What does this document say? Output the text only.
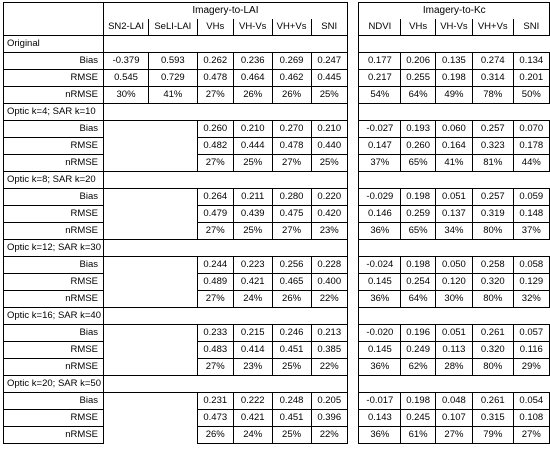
	Imagery-to-LAI							Imagery-to-Kc				
	SN2-LAI	SeLI-LAI	VHs	VH-Vs	VH+Vs	SNI		NDVI	VHs	VH-Vs	VH+Vs	SNI
Original												
Bias	-0.379	0.593	0.262	0.236	0.269	0.247		0.177	0.206	0.135	0.274	0.134
RMSE	0.545	0.729	0.478	0.464	0.462	0.445		0.217	0.255	0.198	0.314	0.201
nRMSE	30%	41%	27%	26%	26%	25%		54%	64%	49%	78%	50%
Optic k=4; SAR k=10												
Bias			0.260	0.210	0.270	0.210		-0.027	0.193	0.060	0.257	0.070
RMSE			0.482	0.444	0.478	0.440		0.147	0.260	0.164	0.323	0.178
nRMSE			27%	25%	27%	25%		37%	65%	41%	81%	44%
Optic k=8; SAR k=20												
Bias			0.264	0.211	0.280	0.220		-0.029	0.198	0.051	0.257	0.059
RMSE			0.479	0.439	0.475	0.420		0.146	0.259	0.137	0.319	0.148
nRMSE			27%	25%	27%	23%		36%	65%	34%	80%	37%
Optic k=12; SAR k=30												
Bias			0.244	0.223	0.256	0.228		-0.024	0.198	0.050	0.258	0.058
RMSE			0.489	0.421	0.465	0.400		0.145	0.254	0.120	0.320	0.129
nRMSE			27%	24%	26%	22%		36%	64%	30%	80%	32%
Optic k=16; SAR k=40												
Bias			0.233	0.215	0.246	0.213		-0.020	0.196	0.051	0.261	0.057
RMSE			0.483	0.414	0.451	0.385		0.145	0.249	0.113	0.320	0.116
nRMSE			27%	23%	25%	22%		36%	62%	28%	80%	29%
Optic k=20; SAR k=50												
Bias			0.231	0.222	0.248	0.205		-0.017	0.198	0.048	0.261	0.054
RMSE			0.473	0.421	0.451	0.396		0.143	0.245	0.107	0.315	0.108
nRMSE			26%	24%	25%	22%		36%	61%	27%	79%	27%
